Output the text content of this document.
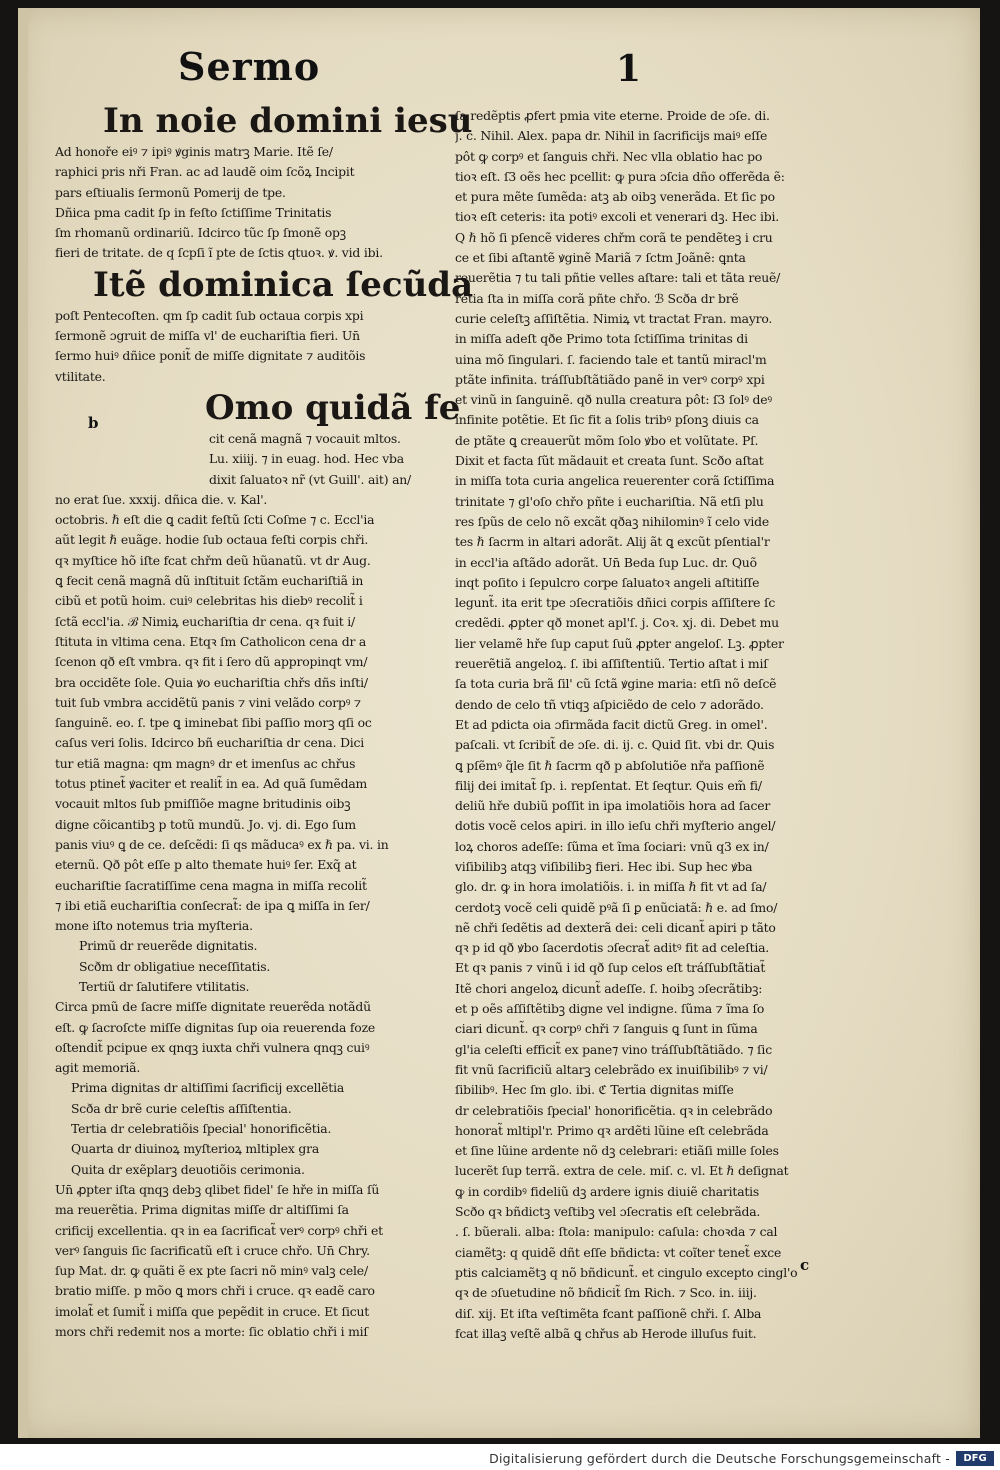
Sermo	1
b
c
In noie domini iesu
Ad honoře eiꝰ ⁊ ipiꝰ ꝟginis matrꝫ Marie. Itẽ ſe/
raphici pris nři Fran. ac ad laudẽ oim ſcõꝝ Incipit
pars eſtiualis ſermonũ Pomerij de tpe.
Dñica pma cadit ſp in feſto ſctiſſime Trinitatis
ſm rhomanũ ordinariũ. Idcirco tũc ſp ſmonẽ opꝫ
fieri de tritate. de q ſcpſi ĩ pte de ſctis qtuoꝛ. ꝟ. vid ibi.
Itẽ dominica ſecũda
poſt Pentecoſten. qm ſp cadit ſub octaua corpis xpi
ſermonẽ ɔgruit de miſſa vl' de euchariſtia fieri. Un̄
ſermo huiꝰ dñice ponit̃ de miſſe dignitate ⁊ auditõis
vtilitate.
Omo quidã fe
cit cenã magnã ⁊ vocauit mltos.
Lu. xiiij. ⁊ in euag. hod. Hec vba
dixit ſaluatoꝛ nr̃ (vt Guill'. ait) an/
no erat ſue. xxxij. dñica die. v. Kal'.
octobris. ℏ eſt die ꝗ cadit feſtũ ſcti Coſme ⁊ c. Eccl'ia
aũt legit ℏ euãge. hodie ſub octaua feſti corpis chři.
qꝛ myſtice hõ iſte fcat chřm deũ hũanatũ. vt dr Aug.
ꝗ fecit cenã magnã dũ inſtituit ſctãm euchariſtiã in
cibũ et potũ hoim. cuiꝰ celebritas his diebꝰ recolit̃ i
ſctã eccl'ia. ℬ Nimiꝝ euchariſtia dr cena. qꝛ fuit i/
ſtituta in vltima cena. Etqꝛ ſm Catholicon cena dr a
ſcenon qð eſt vmbra. qꝛ fit i ſero dũ appropinqt vm/
bra occidẽte ſole. Quia ꝟo euchariſtia chřs dñs inſti/
tuit ſub vmbra accidẽtũ panis ⁊ vini velãdo corpꝰ ⁊
ſanguinẽ. eo. ſ. tpe ꝗ iminebat ſibi paſſio morꝫ qſi oc
caſus veri ſolis. Idcirco bñ euchariſtia dr cena. Dici
tur etiã magna: qm magnꝰ dr et imenſus ac chřus
totus ptinet̃ ꝟaciter et realit̃ in ea. Ad quã ſumẽdam
vocauit mltos ſub pmiſſiõe magne britudinis oibꝫ
digne cõicantibꝫ p totũ mundũ. Jo. vj. di. Ego ſum
panis viuꝰ ꝗ de ce. deſcẽdi: ſi qs mãducaꝰ ex ℏ pa. vi. in
eternũ. Qð pôt eſſe p alto themate huiꝰ ſer. Exq̃ at
euchariſtie ſacratiſſime cena magna in miſſa recolit̃
⁊ ibi etiã euchariſtia conſecrat̃: de ipa ꝗ miſſa in ſer/
mone iſto notemus tria myſteria.
Primũ dr reuerẽde dignitatis.
Scðm dr obligatiue neceſſitatis.
Tertiũ dr ſalutifere vtilitatis.
Circa pmũ de ſacre miſſe dignitate reuerẽda notãdũ
eſt. ꝙ ſacroſcte miſſe dignitas ſup oia reuerenda foze
oſtendit̃ pcipue ex qnqꝫ iuxta chři vulnera qnqꝫ cuiꝰ
agit memoriã.
Prima dignitas dr altiſſimi ſacrificij excellẽtia
Scða dr brẽ curie celeſtis aſſiſtentia.
Tertia dr celebratiõis ſpecial' honorificẽtia.
Quarta dr diuinoꝝ myſterioꝝ mltiplex gra
Quita dr exẽplarꝫ deuotiõis cerimonia.
Un̄ ꝓpter iſta qnqꝫ debꝫ qlibet fidel' ſe hře in miſſa ſũ
ma reuerẽtia. Prima dignitas miſſe dr altiſſimi ſa
crificij excellentia. qꝛ in ea ſacrificat̃ verꝰ corpꝰ chři et
verꝰ ſanguis ſic ſacrificatũ eſt i cruce chřo. Un̄ Chry.
ſup Mat. dr. ꝙ quãti ẽ ex pte ſacri nõ minꝰ valꝫ cele/
bratio miſſe. p mõo ꝗ mors chři i cruce. qꝛ eadẽ caro
imolat̃ et ſumit̃ i miſſa que pepẽdit in cruce. Et ſicut
mors chři redemit nos a morte: ſic oblatio chři i miſ
ſa redẽptis ꝓfert pmia vite eterne. Proide de ɔſe. di.
j. c. Nihil. Alex. papa dr. Nihil in ſacrificijs maiꝰ eſſe
pôt ꝙ corpꝰ et ſanguis chři. Nec vlla oblatio hac po
tioꝛ eſt. ſ3 oẽs hec pcellit: ꝙ pura ɔſcia dño offerẽda ẽ:
et pura mẽte ſumẽda: atꝫ ab oibꝫ venerãda. Et ſic po
tioꝛ eſt ceteris: ita potiꝰ excoli et venerari dꝫ. Hec ibi.
Q ℏ hõ ſi pſencẽ videres chřm corã te pendẽteꝫ i cru
ce et ſibi aſtantẽ ꝟginẽ Mariã ⁊ ſctm Joãnẽ: ꝗnta
reuerẽtia ⁊ tu tali pñtie velles aſtare: tali et tãta reuẽ/
rẽtia ſta in miſſa corã pñte chřo. ℬ Scða dr brẽ
curie celeſtꝫ aſſiſtẽtia. Nimiꝝ vt tractat Fran. mayro.
in miſſa adeſt qðe Primo tota ſctiſſima trinitas di
uina mõ ſingulari. ſ. faciendo tale et tantũ miracl'm
ptãte infinita. tráſſubſtãtiãdo panẽ in verꝰ corpꝰ xpi
et vinũ in ſanguinẽ. qð nulla creatura pôt: ſ3 ſolꝰ deꝰ
infinite potẽtie. Et ſic fit a ſolis tribꝰ pſonꝫ diuis ca
de ptãte ꝗ creauerũt mõm ſolo ꝟbo et volũtate. Pſ.
Dixit et facta ſũt mãdauit et creata ſunt. Scðo aſtat
in miſſa tota curia angelica reuerenter corã ſctiſſima
trinitate ⁊ gl'oſo chřo pñte i euchariſtia. Nã etſi plu
res ſpũs de celo nõ excãt qðaꝫ nihilominꝰ ĩ celo vide
tes ℏ ſacrm in altari adorãt. Alij ãt ꝗ excũt pſential'r
in eccl'ia aſtãdo adorãt. Un̄ Beda ſup Luc. dr. Quõ
inqt poſito i ſepulcro corpe ſaluatoꝛ angeli aſtitiſſe
legunt̃. ita erit tpe ɔſecratiõis dñici corpis aſſiſtere ſc
credẽdi. ꝓpter qð monet apl'ſ. j. Coꝛ. xj. di. Debet mu
lier velamẽ hře ſup caput ſuũ ꝓpter angeloſ. Lꝫ. ꝓpter
reuerẽtiã angeloꝝ. ſ. ibi aſſiſtentiũ. Tertio aſtat i miſ
ſa tota curia brã ſil' cũ ſctã ꝟgine maria: etſi nõ deſcẽ
dendo de celo tñ vtiqꝫ aſpiciẽdo de celo ⁊ adorãdo.
Et ad pdicta oia ɔfirmãda facit dictũ Greg. in omel'.
paſcali. vt ſcribit̃ de ɔſe. di. ij. c. Quid ſit. vbi dr. Quis
ꝗ pſẽmꝰ q̃le ſit ℏ ſacrm qð p abſolutiõe nřa paſſionẽ
filij dei imitat̃ ſp. i. repſentat. Et ſeqtur. Quis em̃ fi/
deliũ hře dubiũ poſſit in ipa imolatiõis hora ad ſacer
dotis vocẽ celos apiri. in illo ieſu chři myſterio angel/
loꝝ choros adeſſe: ſũma et ĩma ſociari: vnũ q3 ex in/
viſibilibꝫ atqꝫ viſibilibꝫ fieri. Hec ibi. Sup hec ꝟba
glo. dr. ꝙ in hora imolatiõis. i. in miſſa ℏ fit vt ad ſa/
cerdotꝫ vocẽ celi quidẽ pꝰã ſi ꝑ enũciatã: ℏ e. ad ſmo/
nẽ chři ſedẽtis ad dexterã dei: celi dicant̃ apiri p tãto
qꝛ p id qð ꝟbo ſacerdotis ɔſecrat̃ aditꝰ fit ad celeſtia.
Et qꝛ panis ⁊ vinũ i id qð ſup celos eſt tráſſubſtãtiat̃
Itẽ chori angeloꝝ dicunt̃ adeſſe. ſ. hoibꝫ ɔſecrãtibꝫ:
et p oẽs aſſiſtẽtibꝫ digne vel indigne. ſũma ⁊ ĩma ſo
ciari dicunt̃. qꝛ corpꝰ chři ⁊ ſanguis ꝗ ſunt in ſũma
gl'ia celeſti efficit̃ ex pane⁊ vino tráſſubſtãtiãdo. ⁊ ſic
fit vnũ ſacrificiũ altarꝫ celebrãdo ex inuiſibilibꝰ ⁊ vi/
ſibilibꝰ. Hec ſm glo. ibi. ℭ Tertia dignitas miſſe
dr celebratiõis ſpecial' honorificẽtia. qꝛ in celebrãdo
honorat̃ mltipl'r. Primo qꝛ ardẽti lũine eſt celebrãda
et ſine lũine ardente nõ dꝫ celebrari: etiãſi mille ſoles
lucerẽt ſup terrã. extra de cele. miſ. c. vl. Et ℏ deſignat
ꝙ in cordibꝰ fideliũ dꝫ ardere ignis diuiẽ charitatis
Scðo qꝛ bñdictꝫ veſtibꝫ vel ɔſecratis eſt celebrãda.
. ſ. bũerali. alba: ſtola: manipulo: caſula: choꝛda ⁊ cal
ciamẽtꝫ: q quidẽ dñt eſſe bñdicta: vt coĩter tenet̃ exce
ptis calciamẽtꝫ q nõ bñdicunt̃. et cingulo excepto cingl'o
qꝛ de ɔſuetudine nõ bñdicit̃ ſm Rich. ⁊ Sco. in. iiij.
diſ. xij. Et iſta veſtimẽta fcant paſſionẽ chři. ſ. Alba
fcat illaꝫ veſtẽ albã ꝗ chřus ab Herode illuſus fuit.
Digitalisierung gefördert durch die Deutsche Forschungsgemeinschaft -	DFG
